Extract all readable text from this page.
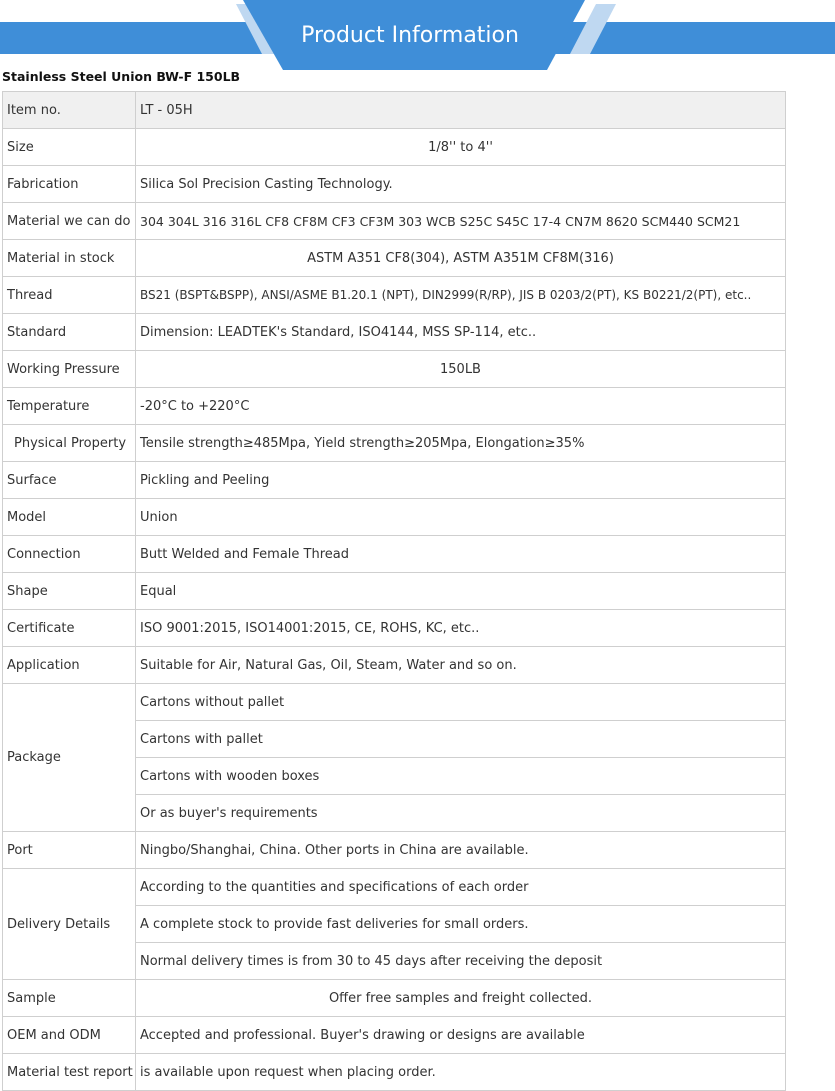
Product Information
Stainless Steel Union BW-F 150LB
Item no.	LT - 05H
Size	1/8'' to 4''
Fabrication	Silica Sol Precision Casting Technology.
Material we can do	304 304L 316 316L CF8 CF8M CF3 CF3M 303 WCB S25C S45C 17-4 CN7M 8620 SCM440 SCM21
Material in stock	ASTM A351 CF8(304), ASTM A351M CF8M(316)
Thread	BS21 (BSPT&BSPP), ANSI/ASME B1.20.1 (NPT), DIN2999(R/RP), JIS B 0203/2(PT), KS B0221/2(PT), etc..
Standard	Dimension: LEADTEK's Standard, ISO4144, MSS SP-114, etc..
Working Pressure	150LB
Temperature	-20°C to +220°C
Physical Property	Tensile strength≥485Mpa, Yield strength≥205Mpa, Elongation≥35%
Surface	Pickling and Peeling
Model	Union
Connection	Butt Welded and Female Thread
Shape	Equal
Certificate	ISO 9001:2015, ISO14001:2015, CE, ROHS, KC, etc..
Application	Suitable for Air, Natural Gas, Oil, Steam, Water and so on.
Package	Cartons without pallet
	Cartons with pallet
	Cartons with wooden boxes
	Or as buyer's requirements
Port	Ningbo/Shanghai, China. Other ports in China are available.
Delivery Details	According to the quantities and specifications of each order
	A complete stock to provide fast deliveries for small orders.
	Normal delivery times is from 30 to 45 days after receiving the deposit
Sample	Offer free samples and freight collected.
OEM and ODM	Accepted and professional. Buyer's drawing or designs are available
Material test report	is available upon request when placing order.
